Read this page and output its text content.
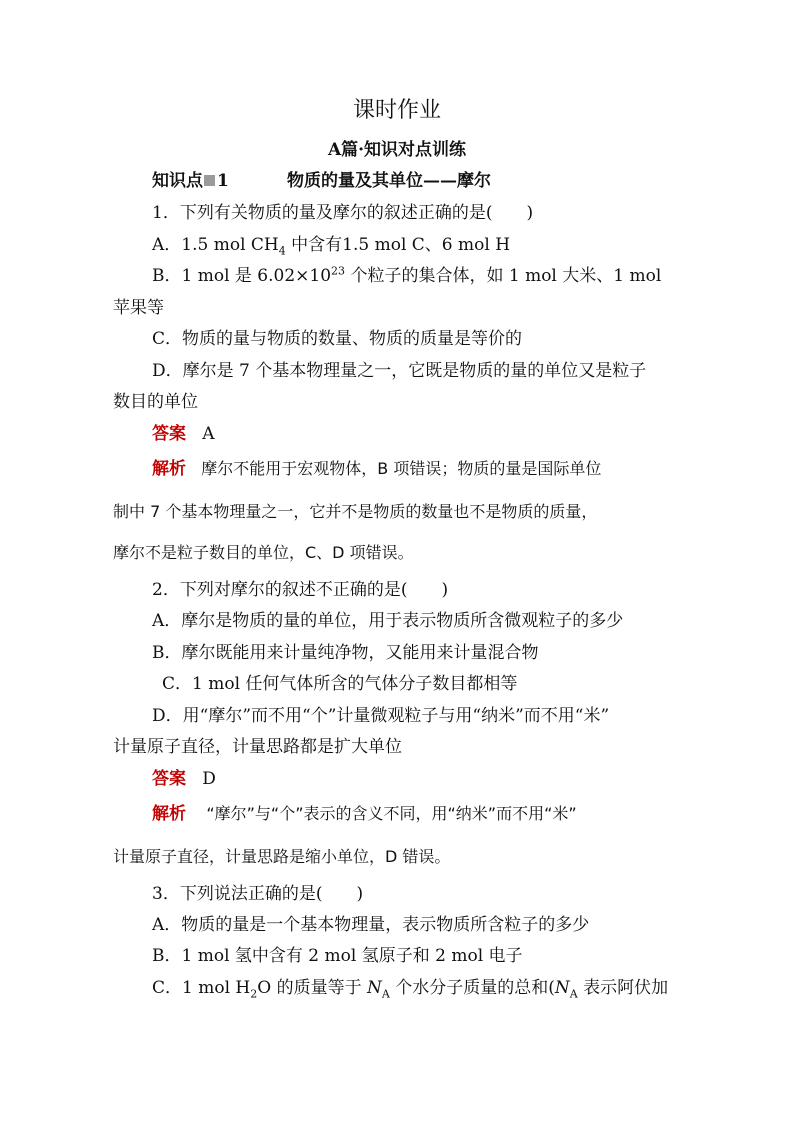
课时作业
A篇·知识对点训练
知识点 1	物质的量及其单位——摩尔
1．下列有关物质的量及摩尔的叙述正确的是(　　)
A．1.5 mol $CH_4$ 中含有1.5 mol C、6 mol H
B．1 mol 是 $6.02\times 10^{23}$ 个粒子的集合体，如 1 mol 大米、1 mol
苹果等
C．物质的量与物质的数量、物质的质量是等价的
D．摩尔是 7 个基本物理量之一，它既是物质的量的单位又是粒子
数目的单位
答案 A
解析 摩尔不能用于宏观物体，B 项错误；物质的量是国际单位
制中 7 个基本物理量之一，它并不是物质的数量也不是物质的质量，
摩尔不是粒子数目的单位，C、D 项错误。
2．下列对摩尔的叙述不正确的是(　　)
A．摩尔是物质的量的单位，用于表示物质所含微观粒子的多少
B．摩尔既能用来计量纯净物，又能用来计量混合物
C．1 mol 任何气体所含的气体分子数目都相等
D．用“摩尔”而不用“个”计量微观粒子与用“纳米”而不用“米”
计量原子直径，计量思路都是扩大单位
答案 D
解析 “摩尔”与“个”表示的含义不同，用“纳米”而不用“米”
计量原子直径，计量思路是缩小单位，D 错误。
3．下列说法正确的是(　　)
A．物质的量是一个基本物理量，表示物质所含粒子的多少
B．1 mol 氢中含有 2 mol 氢原子和 2 mol 电子
C．1 mol $H_2O$ 的质量等于 $N_A$ 个水分子质量的总和($N_A$ 表示阿伏加
